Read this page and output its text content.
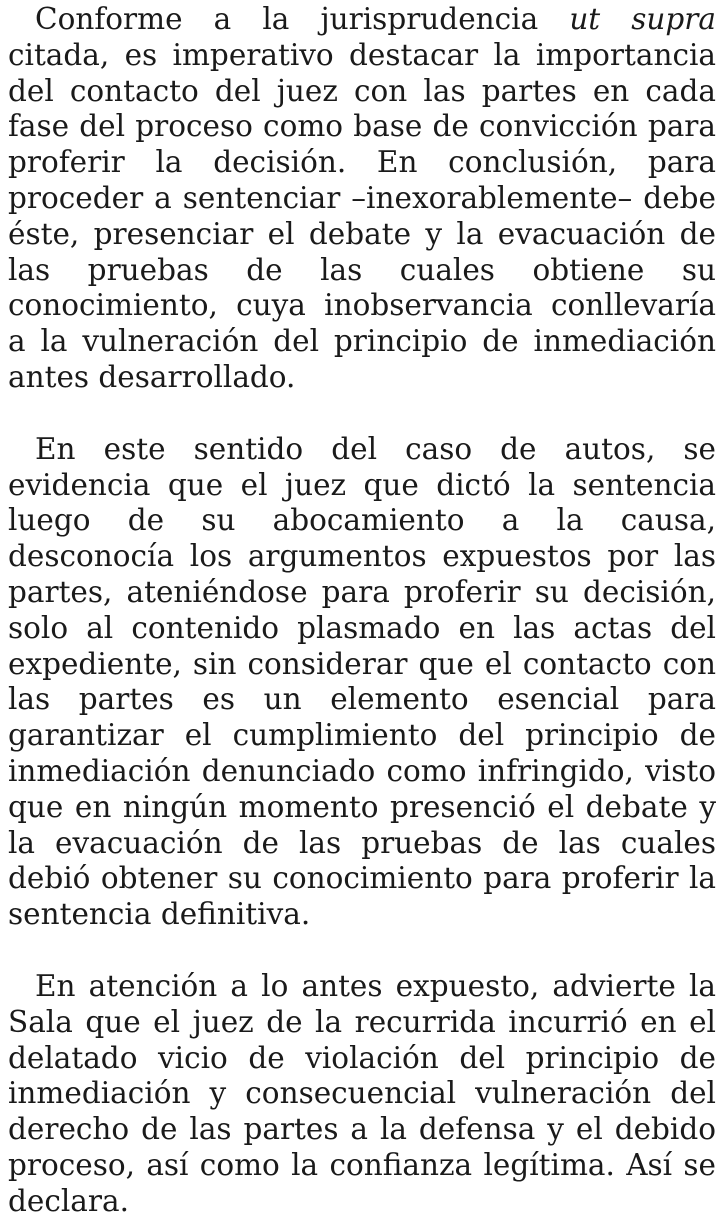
Conforme a la jurisprudencia ut supra citada, es imperativo destacar la importancia del contacto del juez con las partes en cada fase del proceso como base de convicción para proferir la decisión. En conclusión, para proceder a sentenciar –inexorablemente– debe éste, presenciar el debate y la evacuación de las pruebas de las cuales obtiene su conocimiento, cuya inobservancia conllevaría a la vulneración del principio de inmediación antes desarrollado.

En este sentido del caso de autos, se evidencia que el juez que dictó la sentencia luego de su abocamiento a la causa, desconocía los argumentos expuestos por las partes, ateniéndose para proferir su decisión, solo al contenido plasmado en las actas del expediente, sin considerar que el contacto con las partes es un elemento esencial para garantizar el cumplimiento del principio de inmediación denunciado como infringido, visto que en ningún momento presenció el debate y la evacuación de las pruebas de las cuales debió obtener su conocimiento para proferir la sentencia definitiva.

En atención a lo antes expuesto, advierte la Sala que el juez de la recurrida incurrió en el delatado vicio de violación del principio de inmediación y consecuencial vulneración del derecho de las partes a la defensa y el debido proceso, así como la confianza legítima. Así se declara.
